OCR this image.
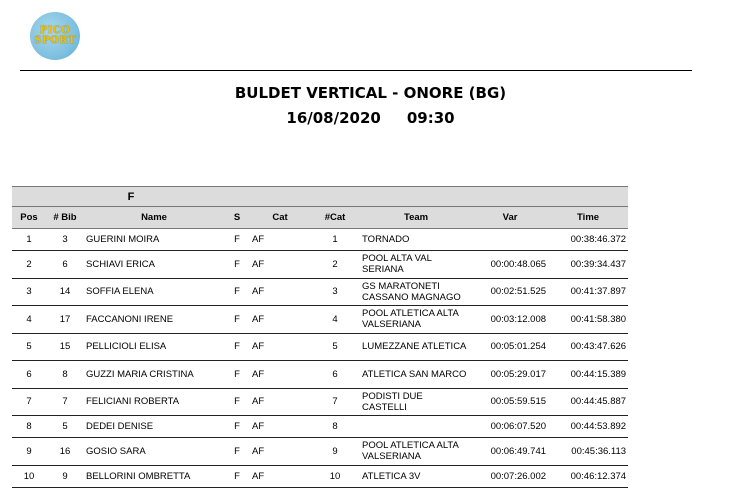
PICO
SPORT
BULDET VERTICAL - ONORE (BG)
16/08/2020 09:30
F								
Pos	# Bib	Name	S	Cat	#Cat	Team	Var	Time
1	3	GUERINI MOIRA	F	AF	1	TORNADO		00:38:46.372
2	6	SCHIAVI ERICA	F	AF	2	POOL ALTA VAL SERIANA	00:00:48.065	00:39:34.437
3	14	SOFFIA ELENA	F	AF	3	GS MARATONETI CASSANO MAGNAGO	00:02:51.525	00:41:37.897
4	17	FACCANONI IRENE	F	AF	4	POOL ATLETICA ALTA VALSERIANA	00:03:12.008	00:41:58.380
5	15	PELLICIOLI ELISA	F	AF	5	LUMEZZANE ATLETICA	00:05:01.254	00:43:47.626
6	8	GUZZI MARIA CRISTINA	F	AF	6	ATLETICA SAN MARCO	00:05:29.017	00:44:15.389
7	7	FELICIANI ROBERTA	F	AF	7	PODISTI DUE CASTELLI	00:05:59.515	00:44:45.887
8	5	DEDEI DENISE	F	AF	8		00:06:07.520	00:44:53.892
9	16	GOSIO SARA	F	AF	9	POOL ATLETICA ALTA VALSERIANA	00:06:49.741	00:45:36.113
10	9	BELLORINI OMBRETTA	F	AF	10	ATLETICA 3V	00:07:26.002	00:46:12.374
